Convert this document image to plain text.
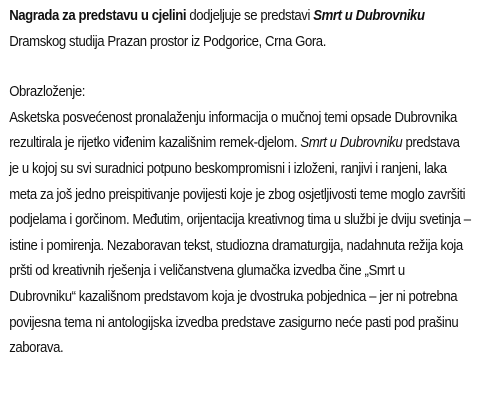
Nagrada za predstavu u cjelini dodjeljuje se predstavi Smrt u Dubrovniku Dramskog studija Prazan prostor iz Podgorice, Crna Gora.

Obrazloženje:

Asketska posvećenost pronalaženju informacija o mučnoj temi opsade Dubrovnika rezultirala je rijetko viđenim kazališnim remek-djelom. Smrt u Dubrovniku predstava je u kojoj su svi suradnici potpuno beskompromisni i izloženi, ranjivi i ranjeni, laka meta za još jedno preispitivanje povijesti koje je zbog osjetljivosti teme moglo završiti podjelama i gorčinom. Međutim, orijentacija kreativnog tima u službi je dviju svetinja – istine i pomirenja. Nezaboravan tekst, studiozna dramaturgija, nadahnuta režija koja pršti od kreativnih rješenja i veličanstvena glumačka izvedba čine „Smrt u Dubrovniku“ kazališnom predstavom koja je dvostruka pobjednica – jer ni potrebna povijesna tema ni antologijska izvedba predstave zasigurno neće pasti pod prašinu zaborava.
